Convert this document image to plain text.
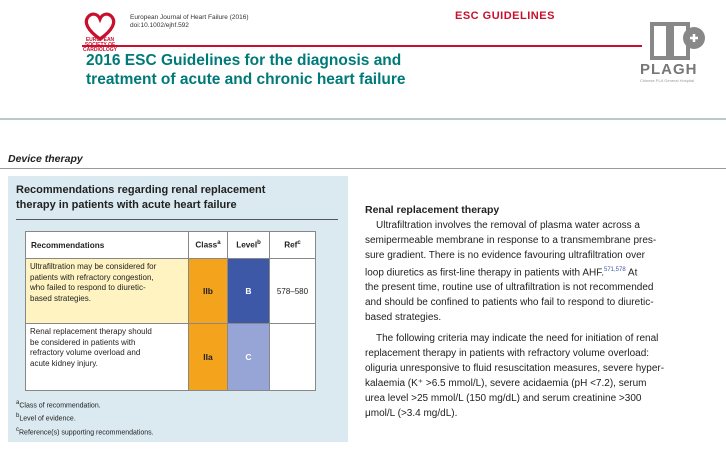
EUROPEAN CARDIOLOGY
European Journal of Heart Failure (2016)
doi:10.1002/ejhf.592
ESC GUIDELINES
2016 ESC Guidelines for the diagnosis and
treatment of acute and chronic heart failure
PLAGH
Chinese PLA General Hospital
Device therapy
Recommendations regarding renal replacement
therapy in patients with acute heart failure
Recommendations	Class$^a$	Level$^b$	Ref$^c$

Ultrafiltration may be considered for
patients with refractory congestion,
who failed to respond to diuretic-
based strategies.	IIb	B	578–580

Renal replacement therapy should
be considered in patients with
refractory volume overload and
acute kidney injury.	IIa	C	
$^a$Class of recommendation.
$^b$Level of evidence.
$^c$Reference(s) supporting recommendations.
Renal replacement therapy
Ultrafiltration involves the removal of plasma water across a
semipermeable membrane in response to a transmembrane pres-
sure gradient. There is no evidence favouring ultrafiltration over
loop diuretics as first-line therapy in patients with AHF.$^{571,578}$ At
the present time, routine use of ultrafiltration is not recommended
and should be confined to patients who fail to respond to diuretic-
based strategies.
The following criteria may indicate the need for initiation of renal
replacement therapy in patients with refractory volume overload:
oliguria unresponsive to fluid resuscitation measures, severe hyper-
kalaemia (K⁺ >6.5 mmol/L), severe acidaemia (pH <7.2), serum
urea level >25 mmol/L (150 mg/dL) and serum creatinine >300
μmol/L (>3.4 mg/dL).
